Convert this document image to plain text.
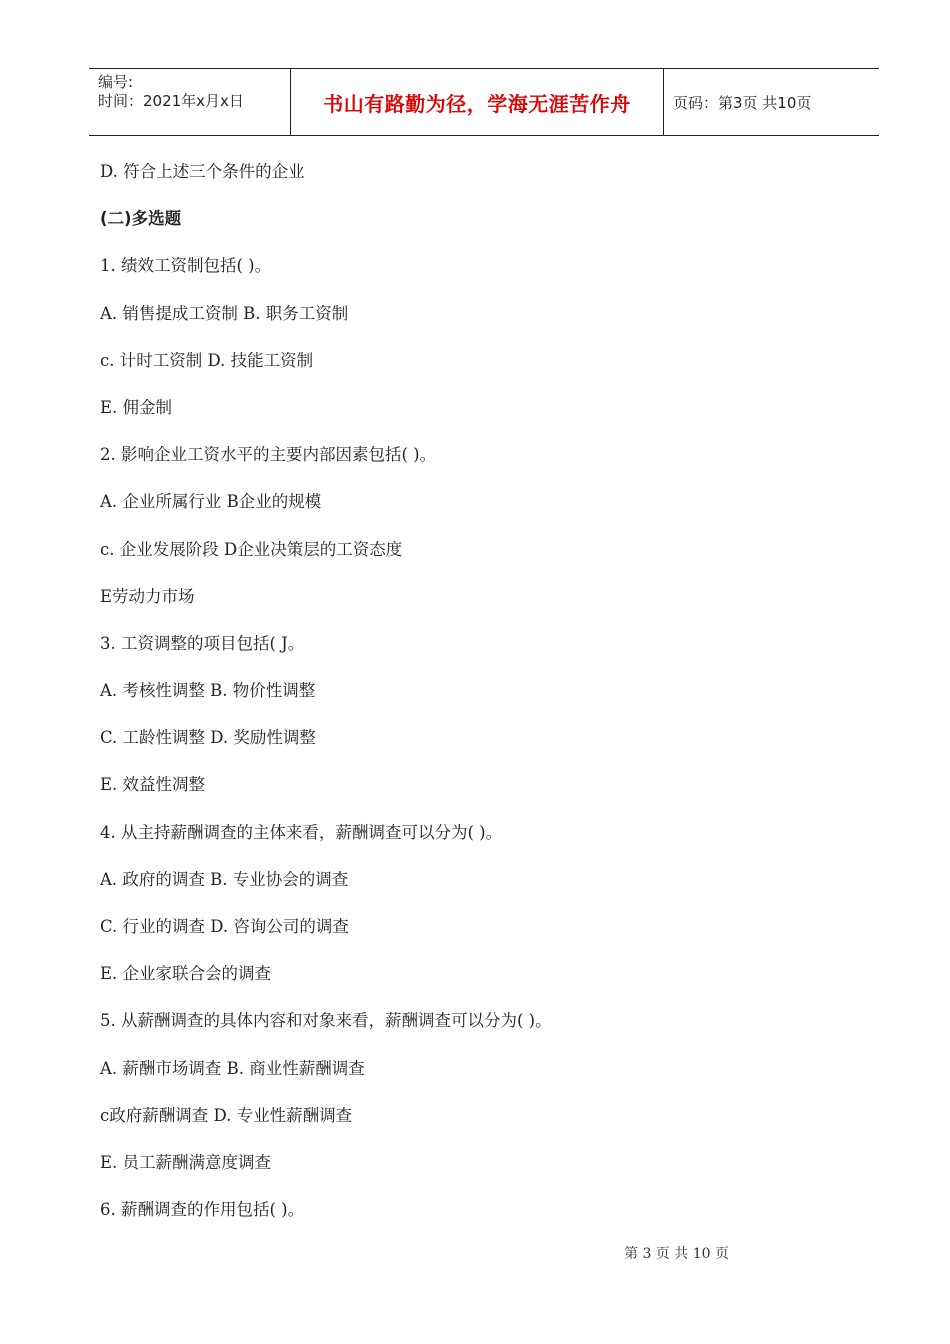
编号:
时间：2021年x月x日	书山有路勤为径，学海无涯苦作舟	页码：第3页 共10页
D. 符合上述三个条件的企业
(二)多选题
1. 绩效工资制包括( )。
A. 销售提成工资制 B. 职务工资制
c. 计时工资制 D. 技能工资制
E. 佣金制
2. 影响企业工资水平的主要内部因素包括( )。
A. 企业所属行业 B企业的规模
c. 企业发展阶段 D企业决策层的工资态度
E劳动力巿场
3. 工资调整的项目包括( J。
A. 考核性调整 B. 物价性调整
C. 工龄性调整 D. 奖励性调整
E. 效益性凋整
4. 从主持薪酬调查的主体来看，薪酬调查可以分为( )。
A. 政府的调查 B. 专业协会的调查
C. 行业的调查 D. 咨询公司的调查
E. 企业家联合会的调查
5. 从薪酬调查的具体内容和对象来看，薪酬调查可以分为( )。
A. 薪酬市场调查 B. 商业性薪酬调查
c政府薪酬调查 D. 专业性薪酬调查
E. 员工薪酬满意度调查
6. 薪酬调查的作用包括( )。
第 3 页 共 10 页
